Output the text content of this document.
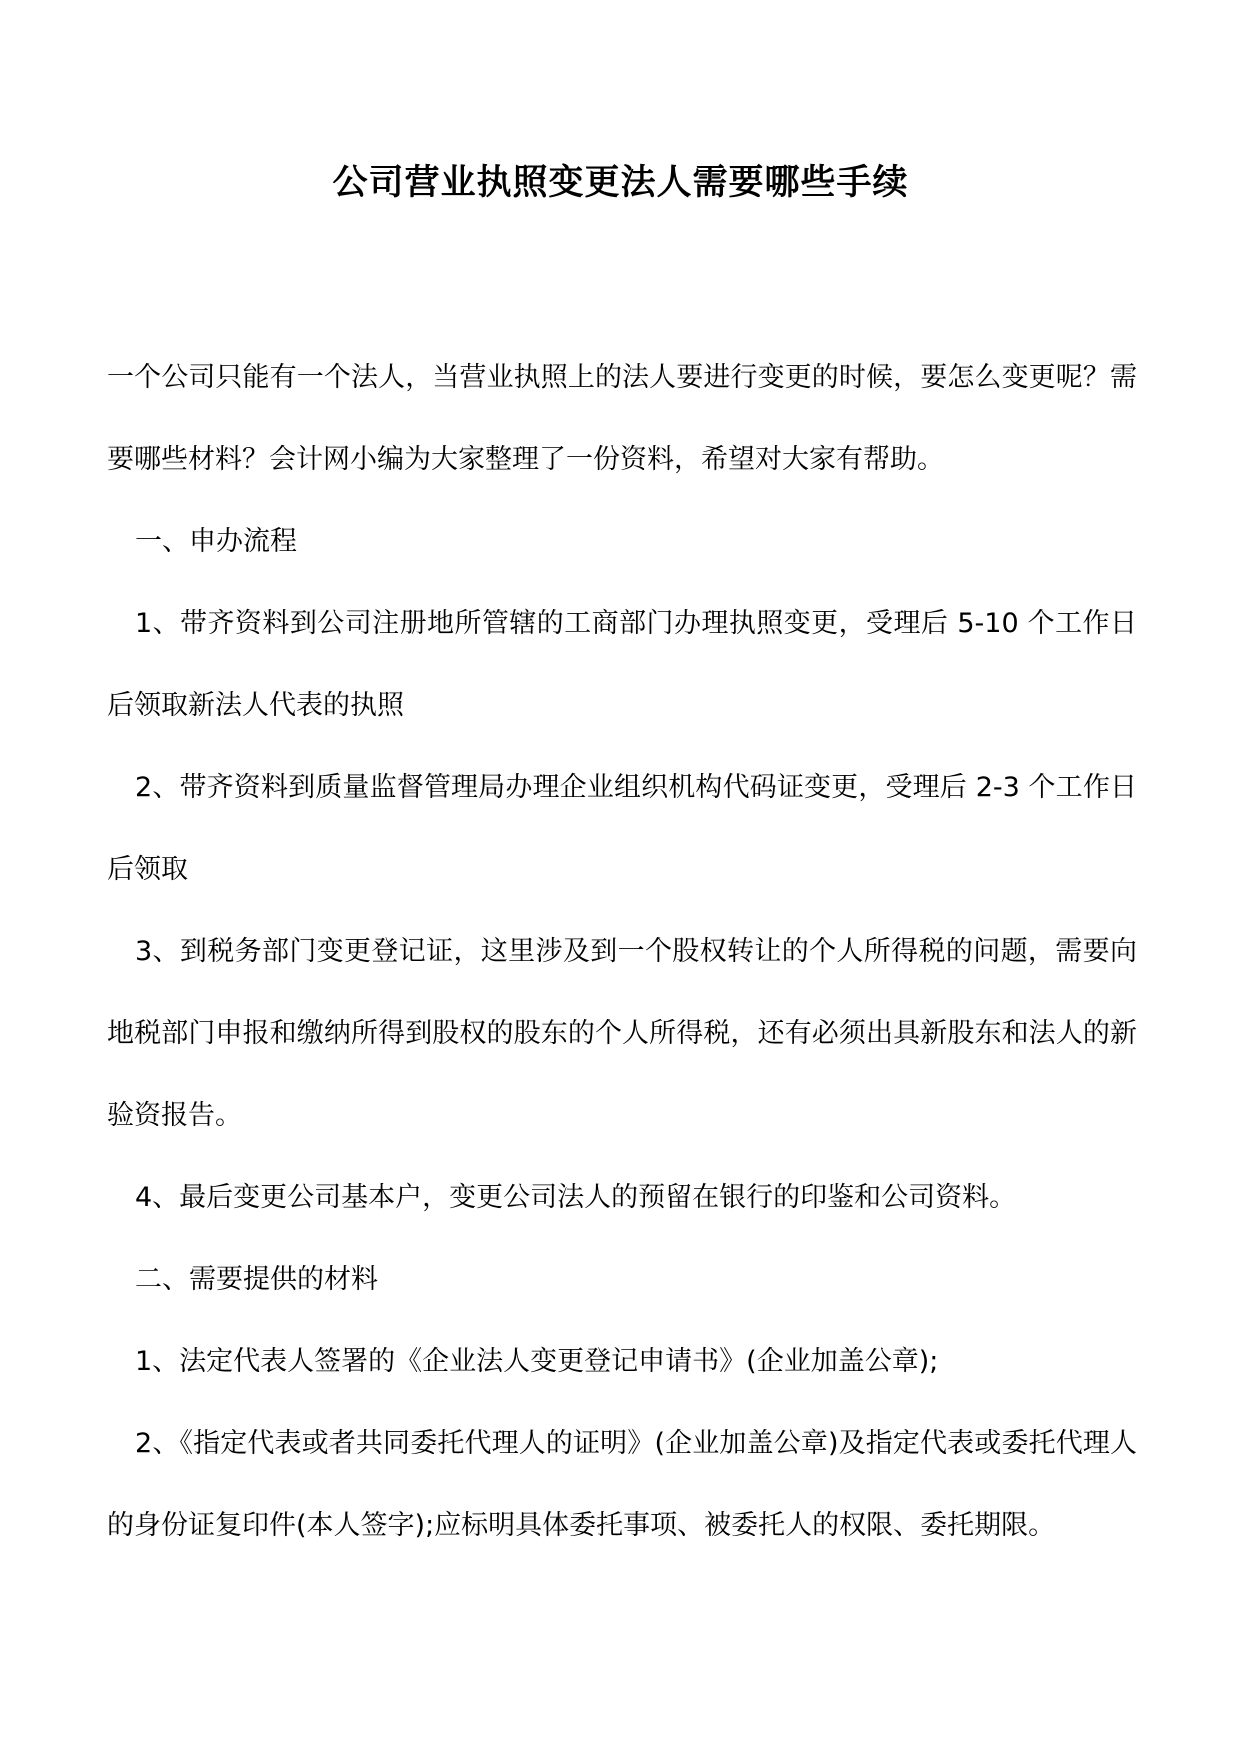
公司营业执照变更法人需要哪些手续

一个公司只能有一个法人，当营业执照上的法人要进行变更的时候，要怎么变更呢？需要哪些材料？会计网小编为大家整理了一份资料，希望对大家有帮助。

一、申办流程

1、带齐资料到公司注册地所管辖的工商部门办理执照变更，受理后 5-10 个工作日后领取新法人代表的执照

2、带齐资料到质量监督管理局办理企业组织机构代码证变更，受理后 2-3 个工作日后领取

3、到税务部门变更登记证，这里涉及到一个股权转让的个人所得税的问题，需要向地税部门申报和缴纳所得到股权的股东的个人所得税，还有必须出具新股东和法人的新验资报告。

4、最后变更公司基本户，变更公司法人的预留在银行的印鉴和公司资料。

二、需要提供的材料

1、法定代表人签署的《企业法人变更登记申请书》(企业加盖公章);

2、《指定代表或者共同委托代理人的证明》(企业加盖公章)及指定代表或委托代理人的身份证复印件(本人签字);应标明具体委托事项、被委托人的权限、委托期限。
